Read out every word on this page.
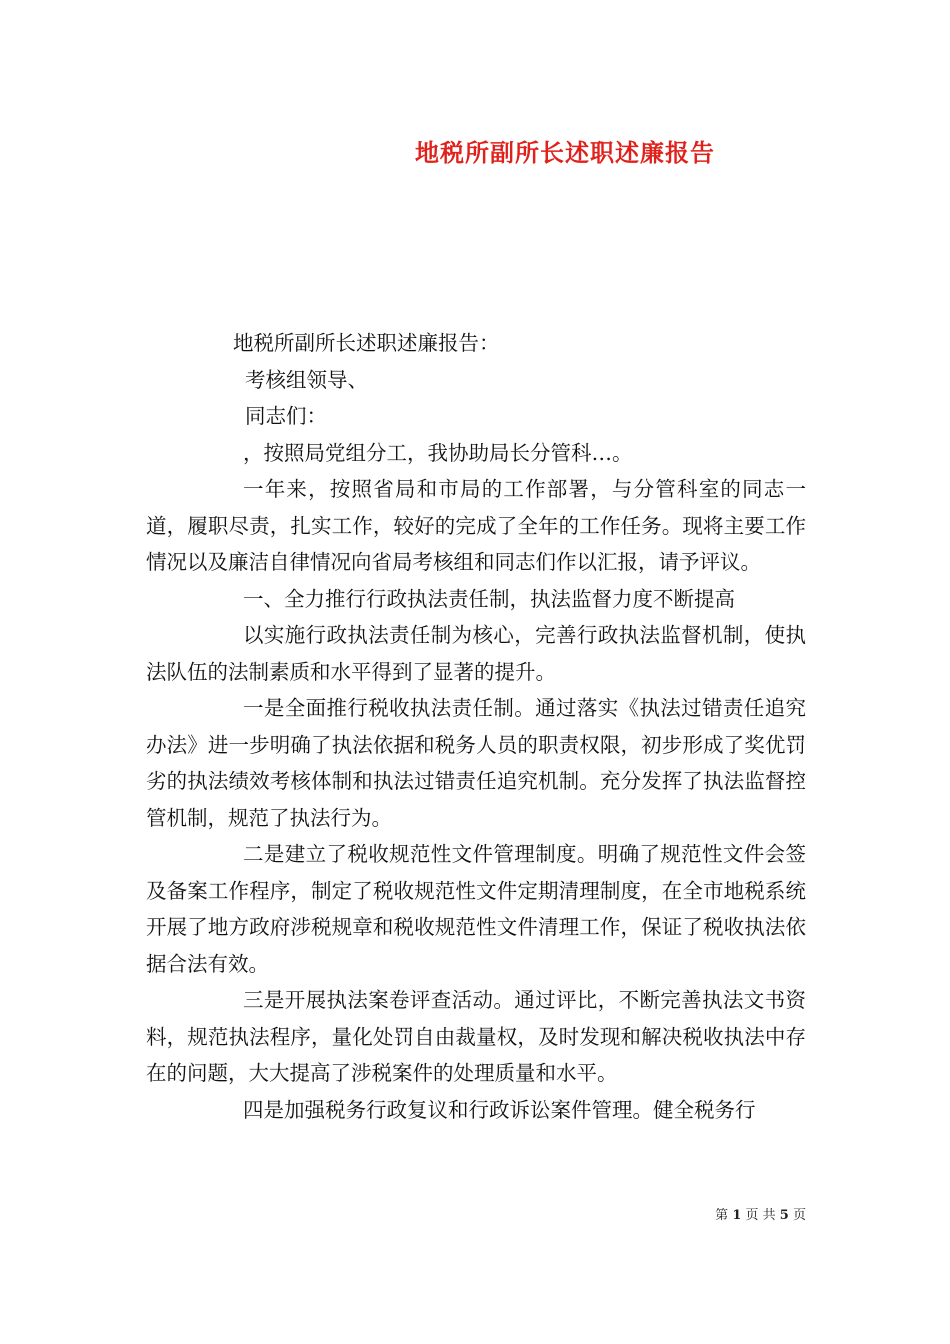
地税所副所长述职述廉报告

地税所副所长述职述廉报告：

考核组领导、

同志们：

，按照局党组分工，我协助局长分管科…。

一年来，按照省局和市局的工作部署，与分管科室的同志一道，履职尽责，扎实工作，较好的完成了全年的工作任务。现将主要工作情况以及廉洁自律情况向省局考核组和同志们作以汇报，请予评议。

一、全力推行行政执法责任制，执法监督力度不断提高

以实施行政执法责任制为核心，完善行政执法监督机制，使执法队伍的法制素质和水平得到了显著的提升。

一是全面推行税收执法责任制。通过落实《执法过错责任追究办法》进一步明确了执法依据和税务人员的职责权限，初步形成了奖优罚劣的执法绩效考核体制和执法过错责任追究机制。充分发挥了执法监督控管机制，规范了执法行为。

二是建立了税收规范性文件管理制度。明确了规范性文件会签及备案工作程序，制定了税收规范性文件定期清理制度，在全市地税系统开展了地方政府涉税规章和税收规范性文件清理工作，保证了税收执法依据合法有效。

三是开展执法案卷评查活动。通过评比，不断完善执法文书资料，规范执法程序，量化处罚自由裁量权，及时发现和解决税收执法中存在的问题，大大提高了涉税案件的处理质量和水平。

四是加强税务行政复议和行政诉讼案件管理。健全税务行

第 1 页 共 5 页
